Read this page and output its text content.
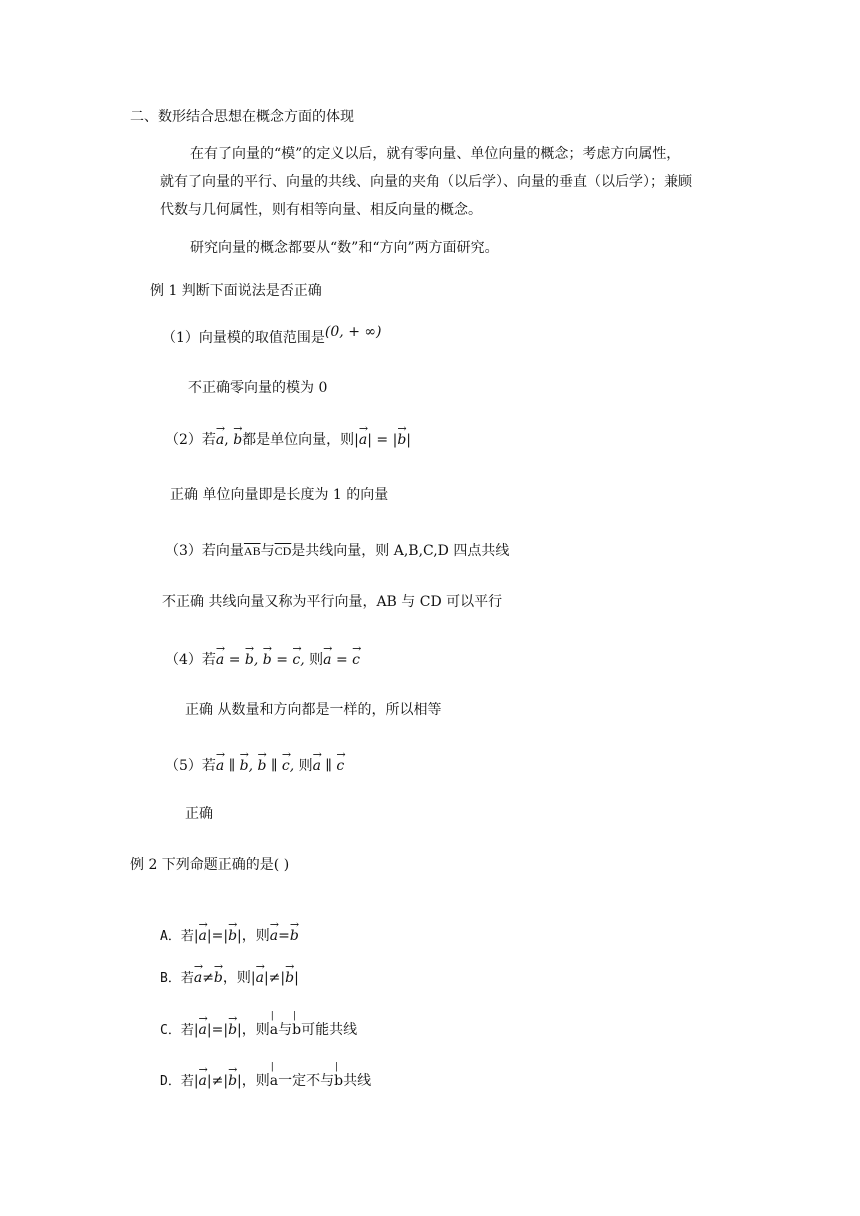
二、数形结合思想在概念方面的体现
在有了向量的“模”的定义以后，就有零向量、单位向量的概念；考虑方向属性，
就有了向量的平行、向量的共线、向量的夹角（以后学）、向量的垂直（以后学）；兼顾
代数与几何属性，则有相等向量、相反向量的概念。
研究向量的概念都要从“数”和“方向”两方面研究。
例 1 判断下面说法是否正确
（1）向量模的取值范围是(0, + ∞)
不正确零向量的模为 0
（2）若→ a, → b都是单位向量，则|→ a| = |→ b|
正确 单位向量即是长度为 1 的向量
（3）若向量$\overline{AB}$与$\overline{CD}$是共线向量，则 A,B,C,D 四点共线
不正确 共线向量又称为平行向量，AB 与 CD 可以平行
（4）若→ a = → b, → b = → c, 则→ a = → c
正确 从数量和方向都是一样的，所以相等
（5）若→ a ∥ → b, → b ∥ → c, 则→ a ∥ → c
正确
例 2 下列命题正确的是( )
A．若|→ a|=|→ b|，则→ a=→ b
B．若→ a≠→ b，则|→ a|≠|→ b|
C．若|→ a|=|→ b|，则| a与| b可能共线
D．若|→ a|≠|→ b|，则| a一定不与| b共线
